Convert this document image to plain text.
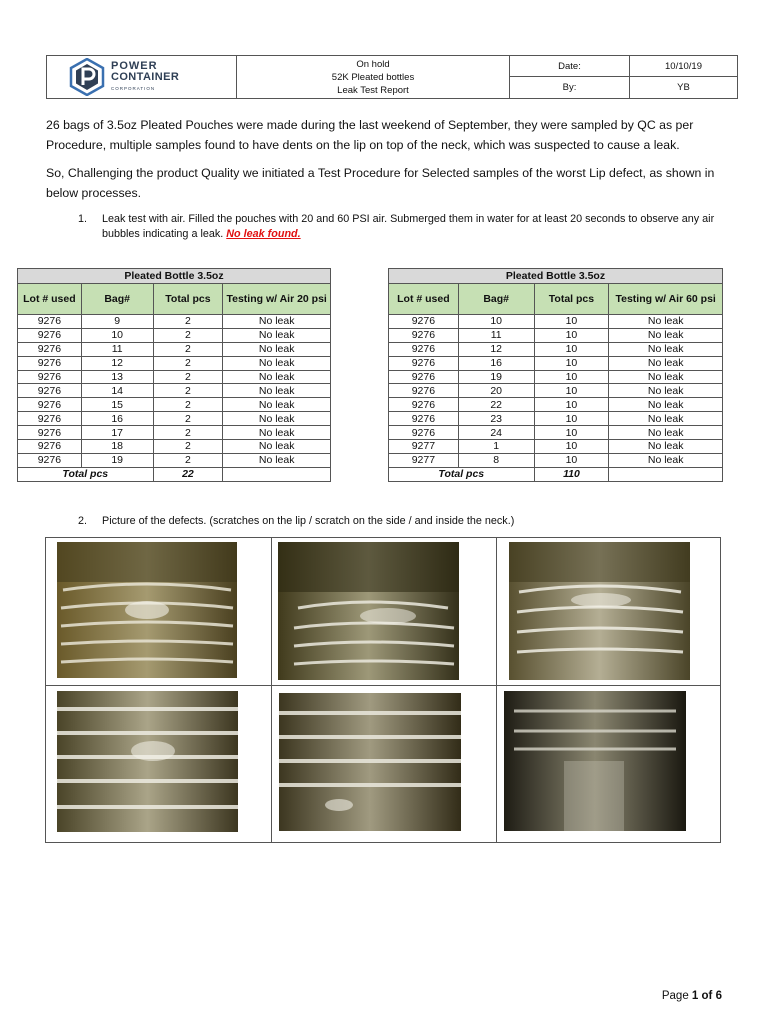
POWER
CONTAINER
CORPORATION
On hold
52K Pleated bottles
Leak Test Report
Date:	10/10/19
By:	YB
26 bags of 3.5oz Pleated Pouches were made during the last weekend of September, they were sampled by QC as per Procedure, multiple samples found to have dents on the lip on top of the neck, which was suspected to cause a leak.
So, Challenging the product Quality we initiated a Test Procedure for Selected samples of the worst Lip defect, as shown in below processes.
1. Leak test with air. Filled the pouches with 20 and 60 PSI air. Submerged them in water for at least 20 seconds to observe any air bubbles indicating a leak. No leak found.
Pleated Bottle 3.5oz			
Lot # used	Bag#	Total pcs	Testing w/ Air 20 psi
9276	9	2	No leak
9276	10	2	No leak
9276	11	2	No leak
9276	12	2	No leak
9276	13	2	No leak
9276	14	2	No leak
9276	15	2	No leak
9276	16	2	No leak
9276	17	2	No leak
9276	18	2	No leak
9276	19	2	No leak
Total pcs		22	
Pleated Bottle 3.5oz			
Lot # used	Bag#	Total pcs	Testing w/ Air 60 psi
9276	10	10	No leak
9276	11	10	No leak
9276	12	10	No leak
9276	16	10	No leak
9276	19	10	No leak
9276	20	10	No leak
9276	22	10	No leak
9276	23	10	No leak
9276	24	10	No leak
9277	1	10	No leak
9277	8	10	No leak
Total pcs		110	
2. Picture of the defects. (scratches on the lip / scratch on the side / and inside the neck.)
Page 1 of 6
